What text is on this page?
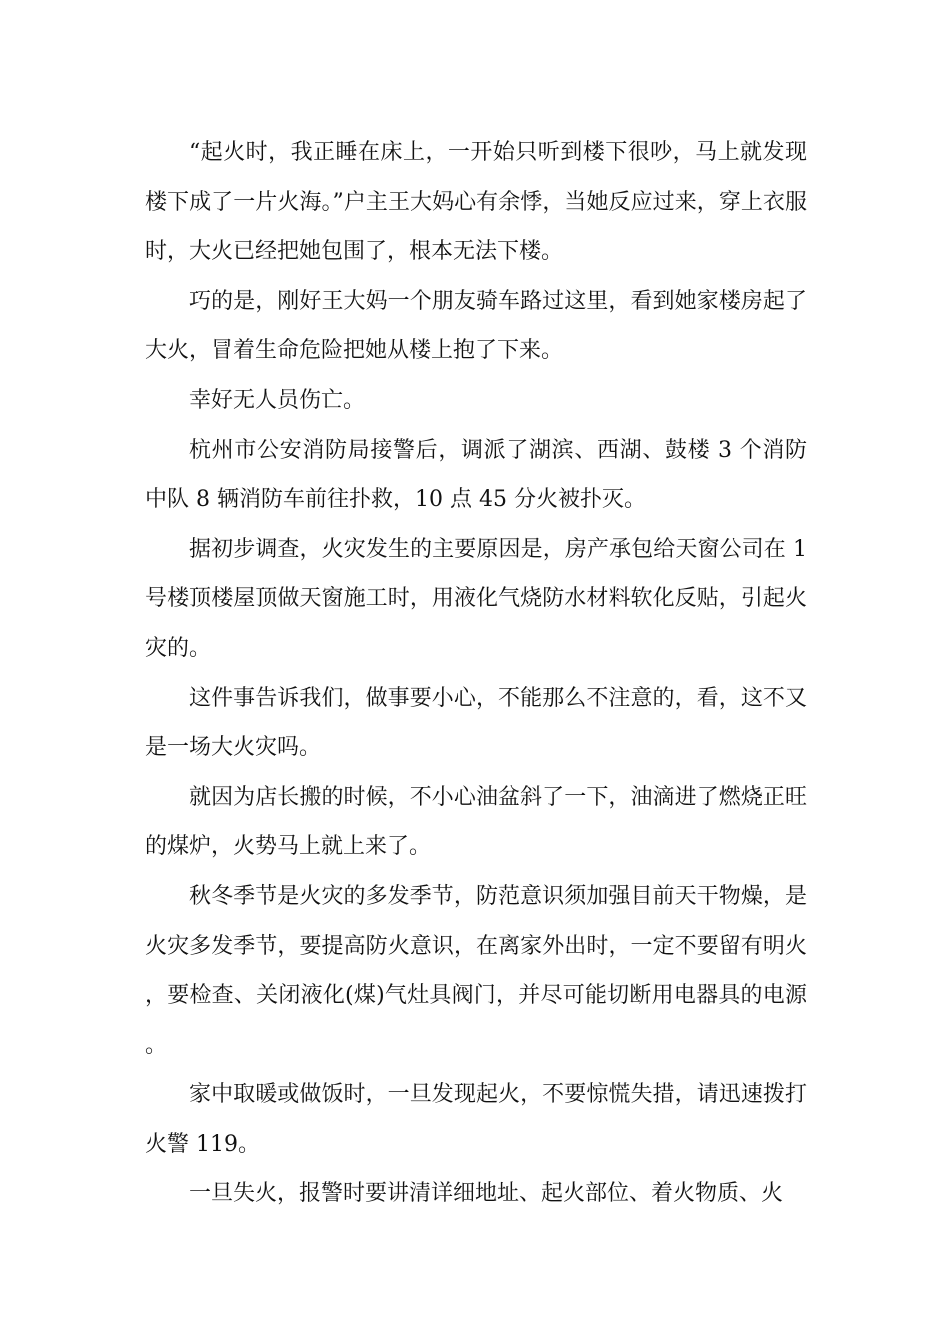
“起火时，我正睡在床上，一开始只听到楼下很吵，马上就发现楼下成了一片火海。”户主王大妈心有余悸，当她反应过来，穿上衣服时，大火已经把她包围了，根本无法下楼。

巧的是，刚好王大妈一个朋友骑车路过这里，看到她家楼房起了大火，冒着生命危险把她从楼上抱了下来。

幸好无人员伤亡。

杭州市公安消防局接警后，调派了湖滨、西湖、鼓楼 3 个消防中队 8 辆消防车前往扑救，10 点 45 分火被扑灭。

据初步调查，火灾发生的主要原因是，房产承包给天窗公司在 1 号楼顶楼屋顶做天窗施工时，用液化气烧防水材料软化反贴，引起火灾的。

这件事告诉我们，做事要小心，不能那么不注意的，看，这不又是一场大火灾吗。

就因为店长搬的时候，不小心油盆斜了一下，油滴进了燃烧正旺的煤炉，火势马上就上来了。

秋冬季节是火灾的多发季节，防范意识须加强目前天干物燥，是火灾多发季节，要提高防火意识，在离家外出时，一定不要留有明火，要检查、关闭液化(煤)气灶具阀门，并尽可能切断用电器具的电源。

家中取暖或做饭时，一旦发现起火，不要惊慌失措，请迅速拨打火警 119。

一旦失火，报警时要讲清详细地址、起火部位、着火物质、火
